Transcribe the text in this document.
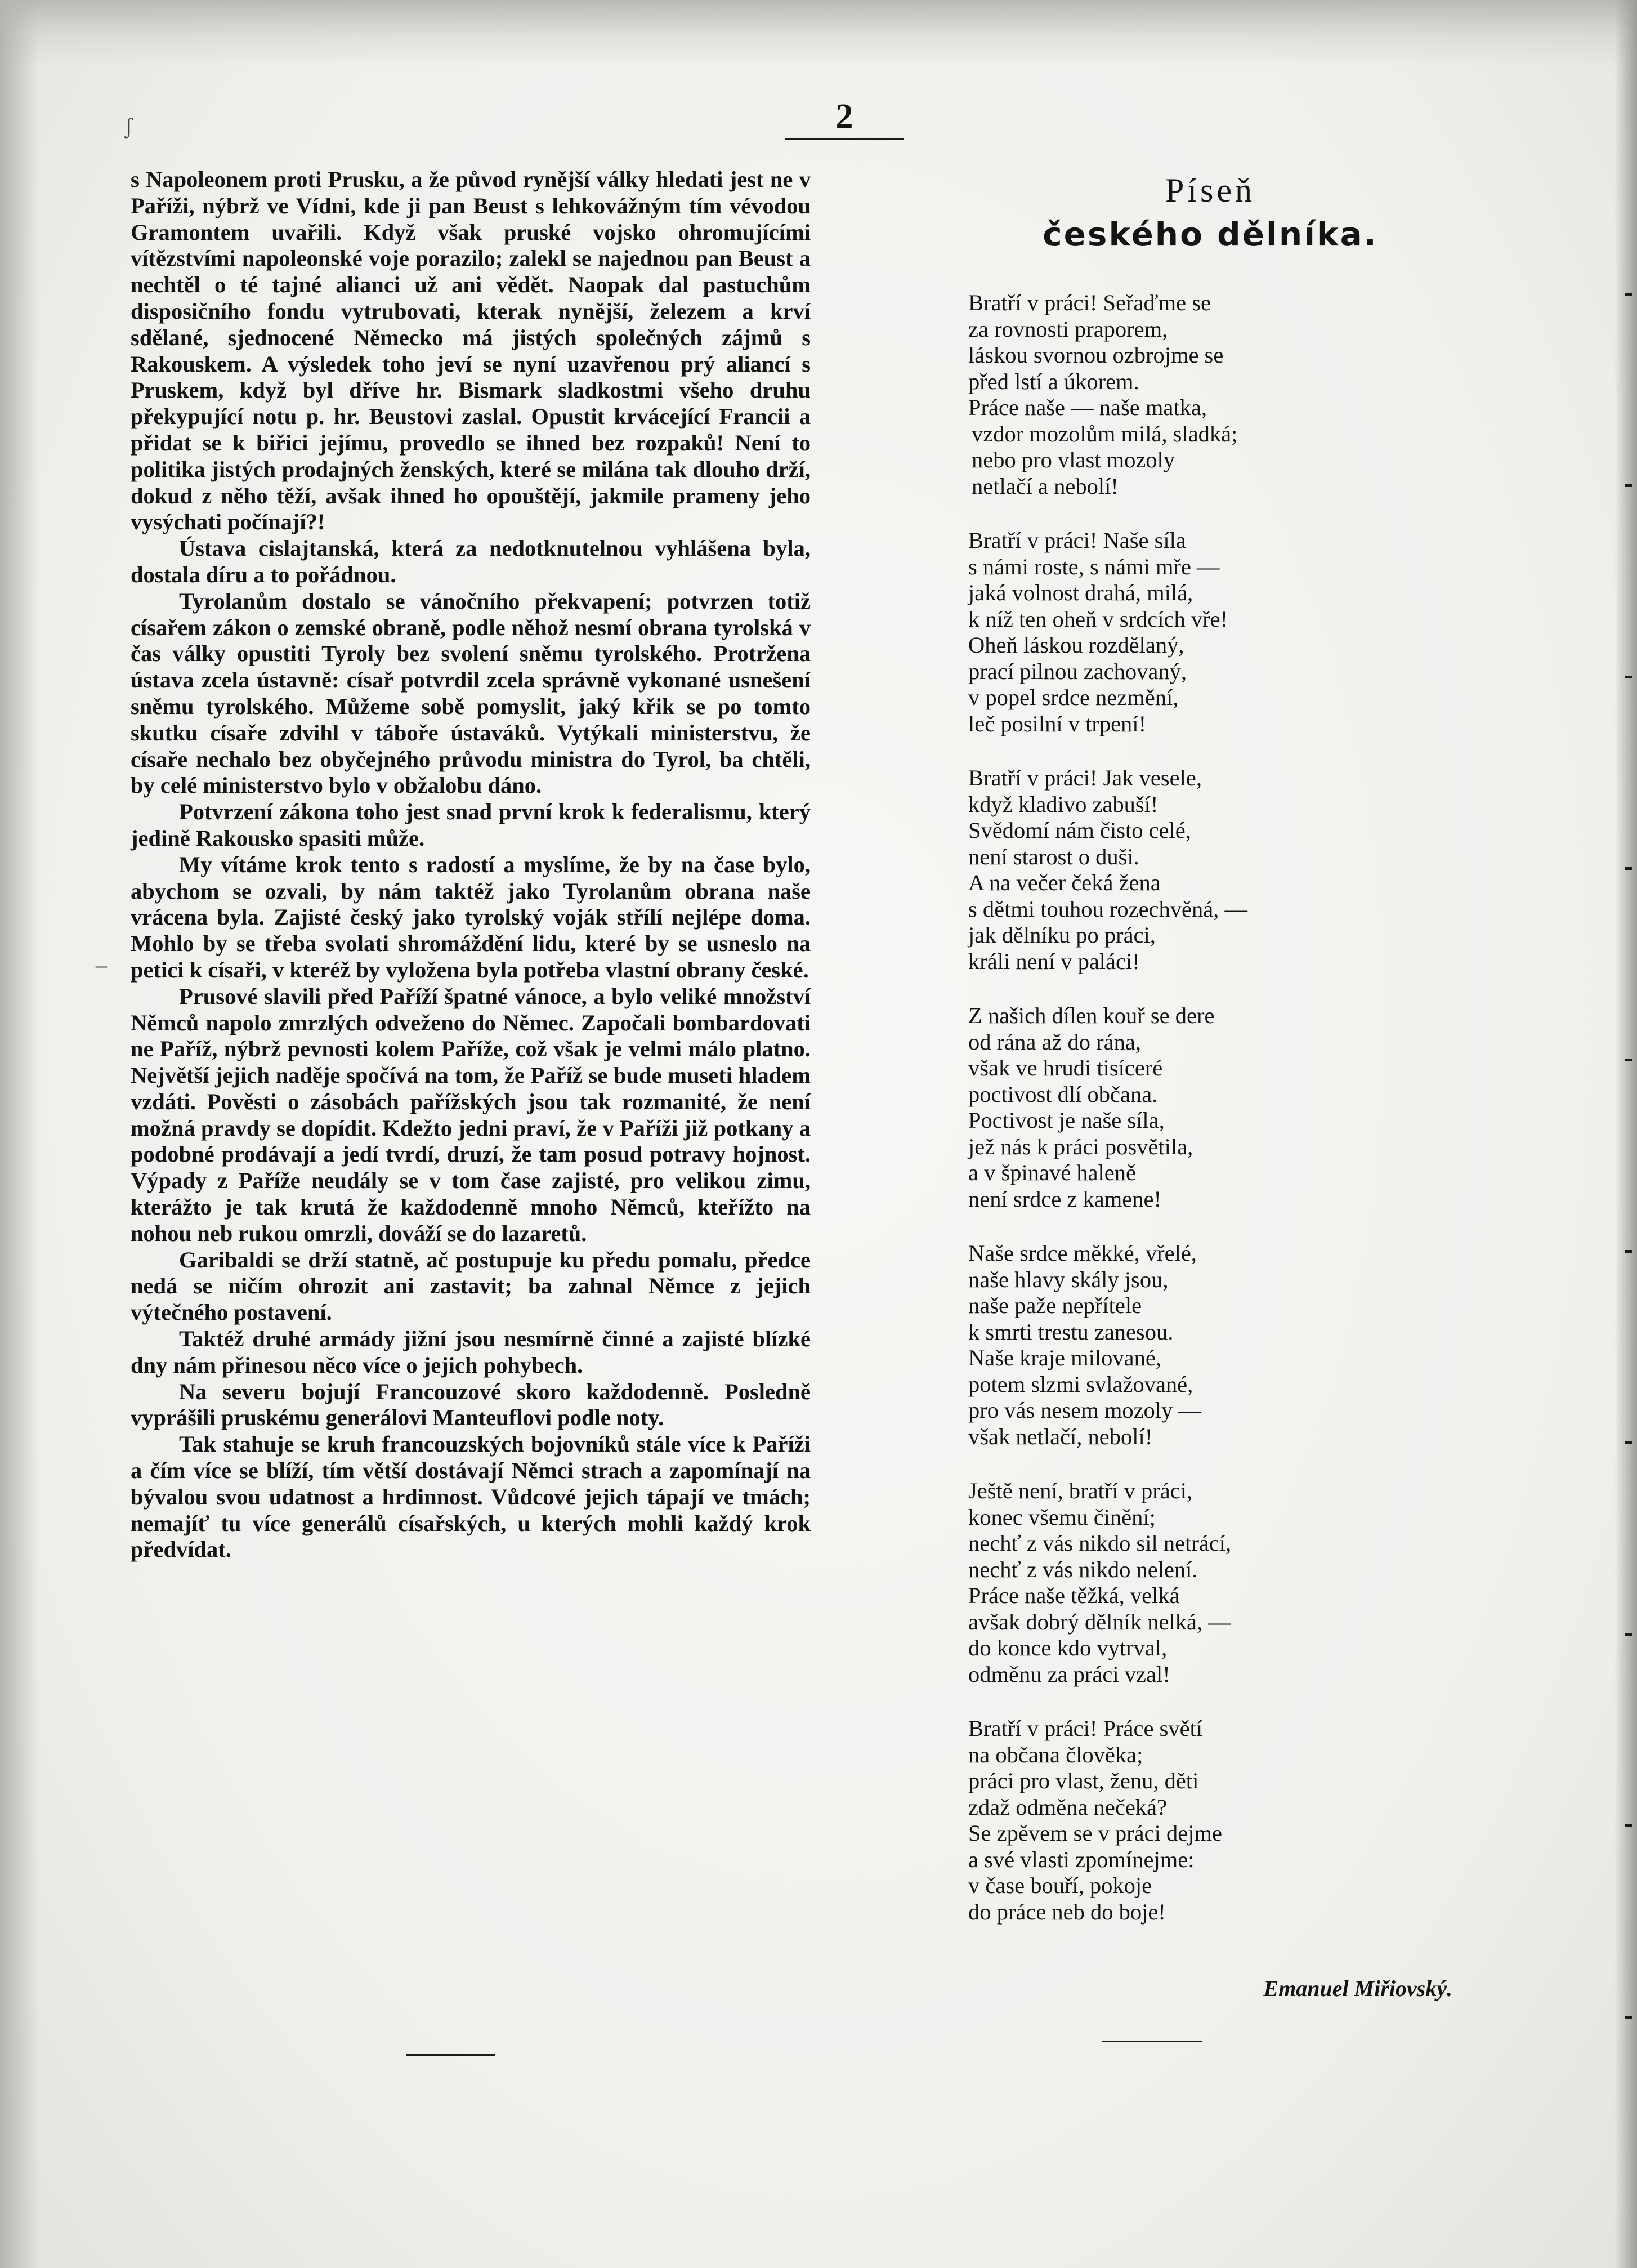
ʃ
–
2

s Napoleonem proti Prusku, a že původ rynější války hledati jest ne v Paříži, nýbrž ve Vídni, kde ji pan Beust s lehkovážným tím vévodou Gramontem uvařili. Když však pruské vojsko ohromujícími vítězstvími napoleonské voje porazilo; zalekl se najednou pan Beust a nechtěl o té tajné alianci už ani vědět. Naopak dal pastuchům disposičního fondu vytrubovati, kterak nynější, železem a krví sdělané, sjednocené Německo má jistých společných zájmů s Rakouskem. A výsledek toho jeví se nyní uzavřenou prý aliancí s Pruskem, když byl dříve hr. Bismark sladkostmi všeho druhu překypující notu p. hr. Beustovi zaslal. Opustit krvácející Francii a přidat se k biřici jejímu, provedlo se ihned bez rozpaků! Není to politika jistých prodajných ženských, které se milána tak dlouho drží, dokud z něho těží, avšak ihned ho opouštějí, jakmile prameny jeho vysýchati počínají?!

Ústava cislajtanská, která za nedotknutelnou vyhlášena byla, dostala díru a to pořádnou.

Tyrolanům dostalo se vánočního překvapení; potvrzen totiž císařem zákon o zemské obraně, podle něhož nesmí obrana tyrolská v čas války opustiti Tyroly bez svolení sněmu tyrolského. Protržena ústava zcela ústavně: císař potvrdil zcela správně vykonané usnešení sněmu tyrolského. Můžeme sobě pomyslit, jaký křik se po tomto skutku císaře zdvihl v táboře ústaváků. Vytýkali ministerstvu, že císaře nechalo bez obyčejného průvodu ministra do Tyrol, ba chtěli, by celé ministerstvo bylo v obžalobu dáno.

Potvrzení zákona toho jest snad první krok k federalismu, který jedině Rakousko spasiti může.

My vítáme krok tento s radostí a myslíme, že by na čase bylo, abychom se ozvali, by nám taktéž jako Tyrolanům obrana naše vrácena byla. Zajisté český jako tyrolský voják střílí nejlépe doma. Mohlo by se třeba svolati shromáždění lidu, které by se usneslo na petici k císaři, v kteréž by vyložena byla potřeba vlastní obrany české.

Prusové slavili před Paříží špatné vánoce, a bylo veliké množství Němců napolo zmrzlých odveženo do Němec. Započali bombardovati ne Paříž, nýbrž pevnosti kolem Paříže, což však je velmi málo platno. Největší jejich naděje spočívá na tom, že Paříž se bude museti hladem vzdáti. Pověsti o zásobách pařížských jsou tak rozmanité, že není možná pravdy se dopídit. Kdežto jedni praví, že v Paříži již potkany a podobné prodávají a jedí tvrdí, druzí, že tam posud potravy hojnost. Výpady z Paříže neudály se v tom čase zajisté, pro velikou zimu, kterážto je tak krutá že každodenně mnoho Němců, kteřížto na nohou neb rukou omrzli, dováží se do lazaretů.

Garibaldi se drží statně, ač postupuje ku předu pomalu, předce nedá se ničím ohrozit ani zastavit; ba zahnal Němce z jejich výtečného postavení.

Taktéž druhé armády jižní jsou nesmírně činné a zajisté blízké dny nám přinesou něco více o jejich pohybech.

Na severu bojují Francouzové skoro každodenně. Posledně vyprášili pruskému generálovi Manteuflovi podle noty.

Tak stahuje se kruh francouzských bojovníků stále více k Paříži a čím více se blíží, tím větší dostávají Němci strach a zapomínají na bývalou svou udatnost a hrdinnost. Vůdcové jejich tápají ve tmách; nemajíť tu více generálů císařských, u kterých mohli každý krok předvídat.

Píseň
českého dělníka.
Bratří v práci! Seřaďme se
za rovnosti praporem,
láskou svornou ozbrojme se
před lstí a úkorem.
Práce naše — naše matka,
vzdor mozolům milá, sladká;
nebo pro vlast mozoly
netlačí a nebolí!
Bratří v práci! Naše síla
s námi roste, s námi mře —
jaká volnost drahá, milá,
k níž ten oheň v srdcích vře!
Oheň láskou rozdělaný,
prací pilnou zachovaný,
v popel srdce nezmění,
leč posilní v trpení!
Bratří v práci! Jak vesele,
když kladivo zabuší!
Svědomí nám čisto celé,
není starost o duši.
A na večer čeká žena
s dětmi touhou rozechvěná, —
jak dělníku po práci,
králi není v paláci!
Z našich dílen kouř se dere
od rána až do rána,
však ve hrudi tisíceré
poctivost dlí občana.
Poctivost je naše síla,
jež nás k práci posvětila,
a v špinavé haleně
není srdce z kamene!
Naše srdce měkké, vřelé,
naše hlavy skály jsou,
naše paže nepřítele
k smrti trestu zanesou.
Naše kraje milované,
potem slzmi svlažované,
pro vás nesem mozoly —
však netlačí, nebolí!
Ještě není, bratří v práci,
konec všemu činění;
nechť z vás nikdo sil netrácí,
nechť z vás nikdo nelení.
Práce naše těžká, velká
avšak dobrý dělník nelká, —
do konce kdo vytrval,
odměnu za práci vzal!
Bratří v práci! Práce světí
na občana člověka;
práci pro vlast, ženu, děti
zdaž odměna nečeká?
Se zpěvem se v práci dejme
a své vlasti zpomínejme:
v čase bouří, pokoje
do práce neb do boje!
Emanuel Miřiovský.
